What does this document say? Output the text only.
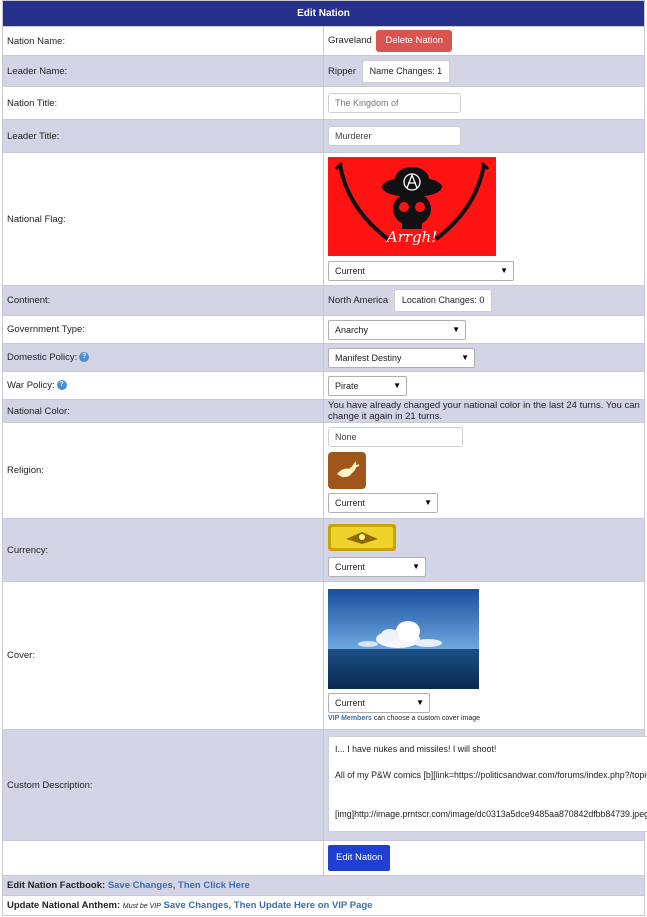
Edit Nation	
Nation Name:	Graveland Delete Nation
Leader Name:	Ripper Name Changes: 1
Nation Title:	The Kingdom of
Leader Title:	Murderer
National Flag:	Arrgh!
Current ▼

Continent:	North America Location Changes: 0
Government Type:	Anarchy ▼

Domestic Policy: ?	Manifest Destiny ▼

War Policy: ?	Pirate ▼

National Color:	You have already changed your national color in the last 24 turns. You can change it again in 21 turns.
Religion:	None
Current ▼

Currency:	Current ▼

Cover:	Current ▼
VIP Members can choose a custom cover image

Custom Description:	I... I have nukes and missiles! I will shoot! All of my P&W comics [b][link=https://politicsandwar.com/forums/index.php?/topic/18691-pw-balls-the-comics/] here[/link][/b]. [img]http://image.prntscr.com/image/dc0313a5dce9485aa870842dfbb84739.jpeg[/img]
	Edit Nation
Edit Nation Factbook: Save Changes, Then Click Here	
Update National Anthem: Must be VIP Save Changes, Then Update Here on VIP Page	
